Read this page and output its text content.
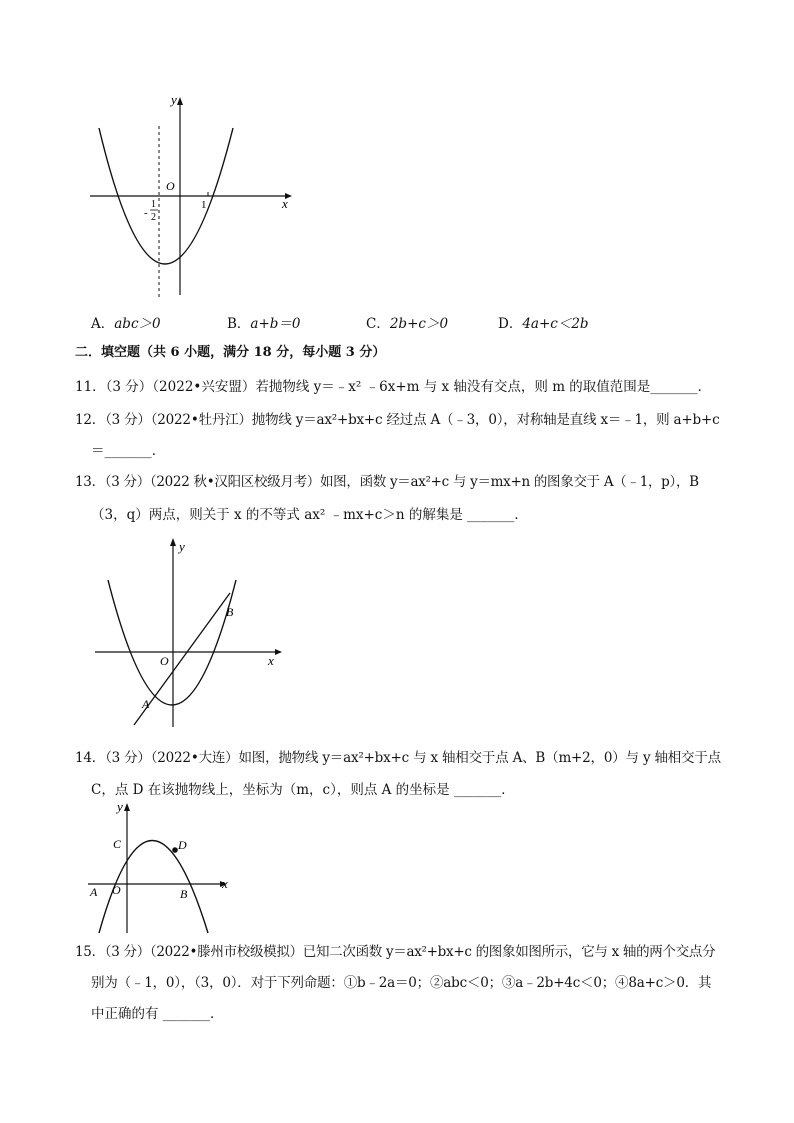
y
x
O
1
-
1
2
A．abc＞0	B．a+b＝0	C．2b+c＞0	D．4a+c＜2b
二．填空题（共 6 小题，满分 18 分，每小题 3 分）
11．（3 分）（2022•兴安盟）若抛物线 y＝﹣x² ﹣6x+m 与 x 轴没有交点，则 m 的取值范围是_______．
12．（3 分）（2022•牡丹江）抛物线 y＝ax²+bx+c 经过点 A（﹣3，0），对称轴是直线 x＝﹣1，则 a+b+c
＝_______．
13．（3 分）（2022 秋•汉阳区校级月考）如图，函数 y＝ax²+c 与 y＝mx+n 的图象交于 A（﹣1，p），B
（3，q）两点，则关于 x 的不等式 ax² ﹣mx+c＞n 的解集是 _______．
y
x
O
A
B
14．（3 分）（2022•大连）如图，抛物线 y＝ax²+bx+c 与 x 轴相交于点 A、B（m+2，0）与 y 轴相交于点
C，点 D 在该抛物线上，坐标为（m，c），则点 A 的坐标是 _______．
y
x
O
A	B
C	D
15．（3 分）（2022•滕州市校级模拟）已知二次函数 y＝ax²+bx+c 的图象如图所示，它与 x 轴的两个交点分
别为（﹣1，0），（3，0）．对于下列命题：①b﹣2a＝0；②abc＜0；③a﹣2b+4c＜0；④8a+c＞0．其
中正确的有 _______．
